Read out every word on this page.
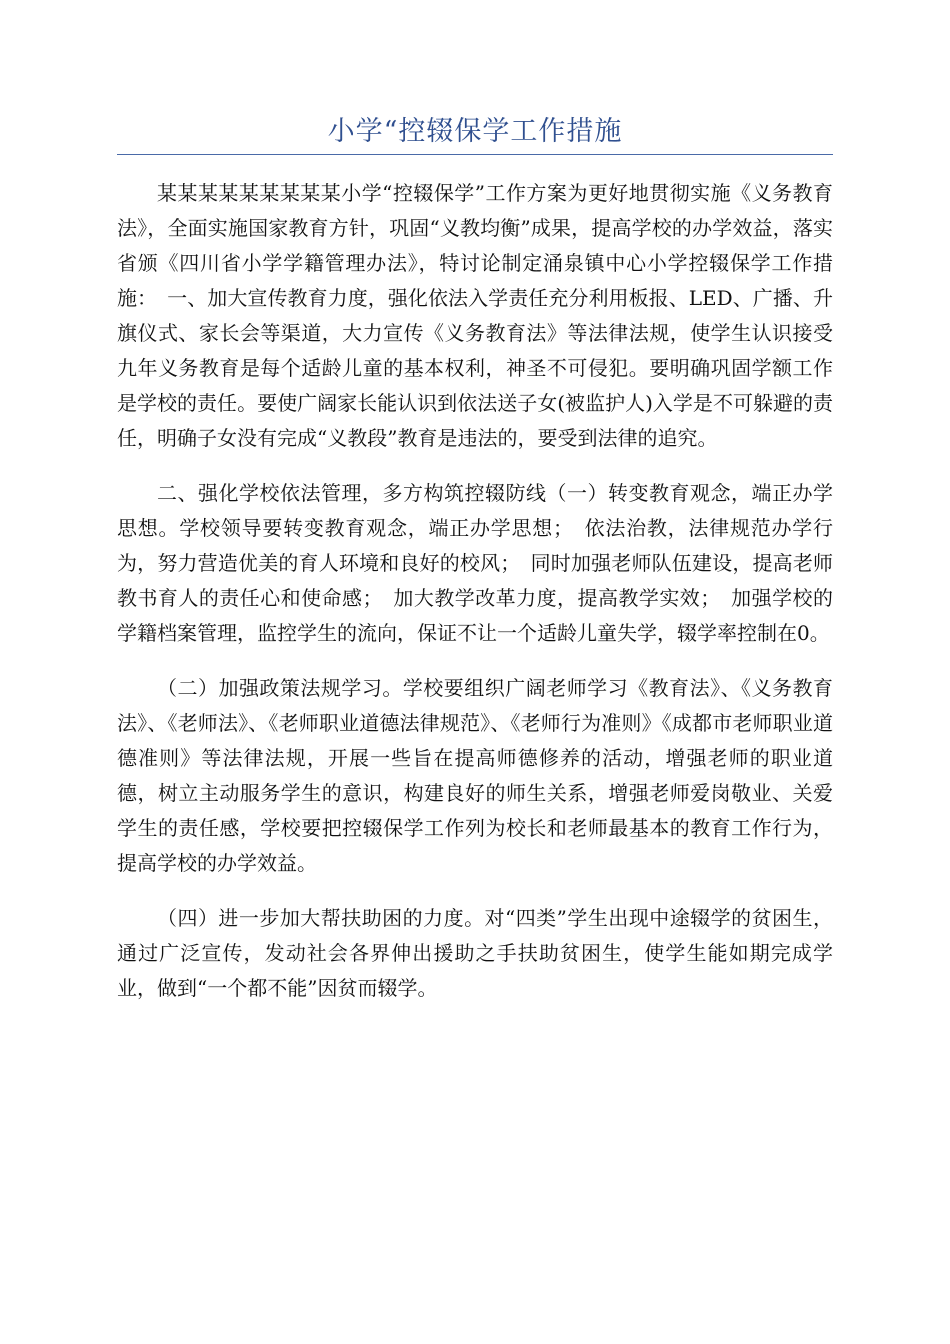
小学“控辍保学工作措施

某某某某某某某某某小学“控辍保学”工作方案为更好地贯彻实施《义务教育法》，全面实施国家教育方针，巩固“义教均衡”成果，提高学校的办学效益，落实省颁《四川省小学学籍管理办法》，特讨论制定涌泉镇中心小学控辍保学工作措施：　一、加大宣传教育力度，强化依法入学责任充分利用板报、LED、广播、升旗仪式、家长会等渠道，大力宣传《义务教育法》等法律法规，使学生认识接受九年义务教育是每个适龄儿童的基本权利，神圣不可侵犯。要明确巩固学额工作是学校的责任。要使广阔家长能认识到依法送子女(被监护人)入学是不可躲避的责任，明确子女没有完成“义教段”教育是违法的，要受到法律的追究。

二、强化学校依法管理，多方构筑控辍防线（一）转变教育观念，端正办学思想。学校领导要转变教育观念，端正办学思想；　依法治教，法律规范办学行为，努力营造优美的育人环境和良好的校风；　同时加强老师队伍建设，提高老师教书育人的责任心和使命感；　加大教学改革力度，提高教学实效；　加强学校的学籍档案管理，监控学生的流向，保证不让一个适龄儿童失学，辍学率控制在0。

（二）加强政策法规学习。学校要组织广阔老师学习《教育法》、《义务教育法》、《老师法》、《老师职业道德法律规范》、《老师行为准则》《成都市老师职业道德准则》等法律法规，开展一些旨在提高师德修养的活动，增强老师的职业道德，树立主动服务学生的意识，构建良好的师生关系，增强老师爱岗敬业、关爱学生的责任感，学校要把控辍保学工作列为校长和老师最基本的教育工作行为，提高学校的办学效益。

（四）进一步加大帮扶助困的力度。对“四类”学生出现中途辍学的贫困生，通过广泛宣传，发动社会各界伸出援助之手扶助贫困生，使学生能如期完成学业，做到“一个都不能”因贫而辍学。
